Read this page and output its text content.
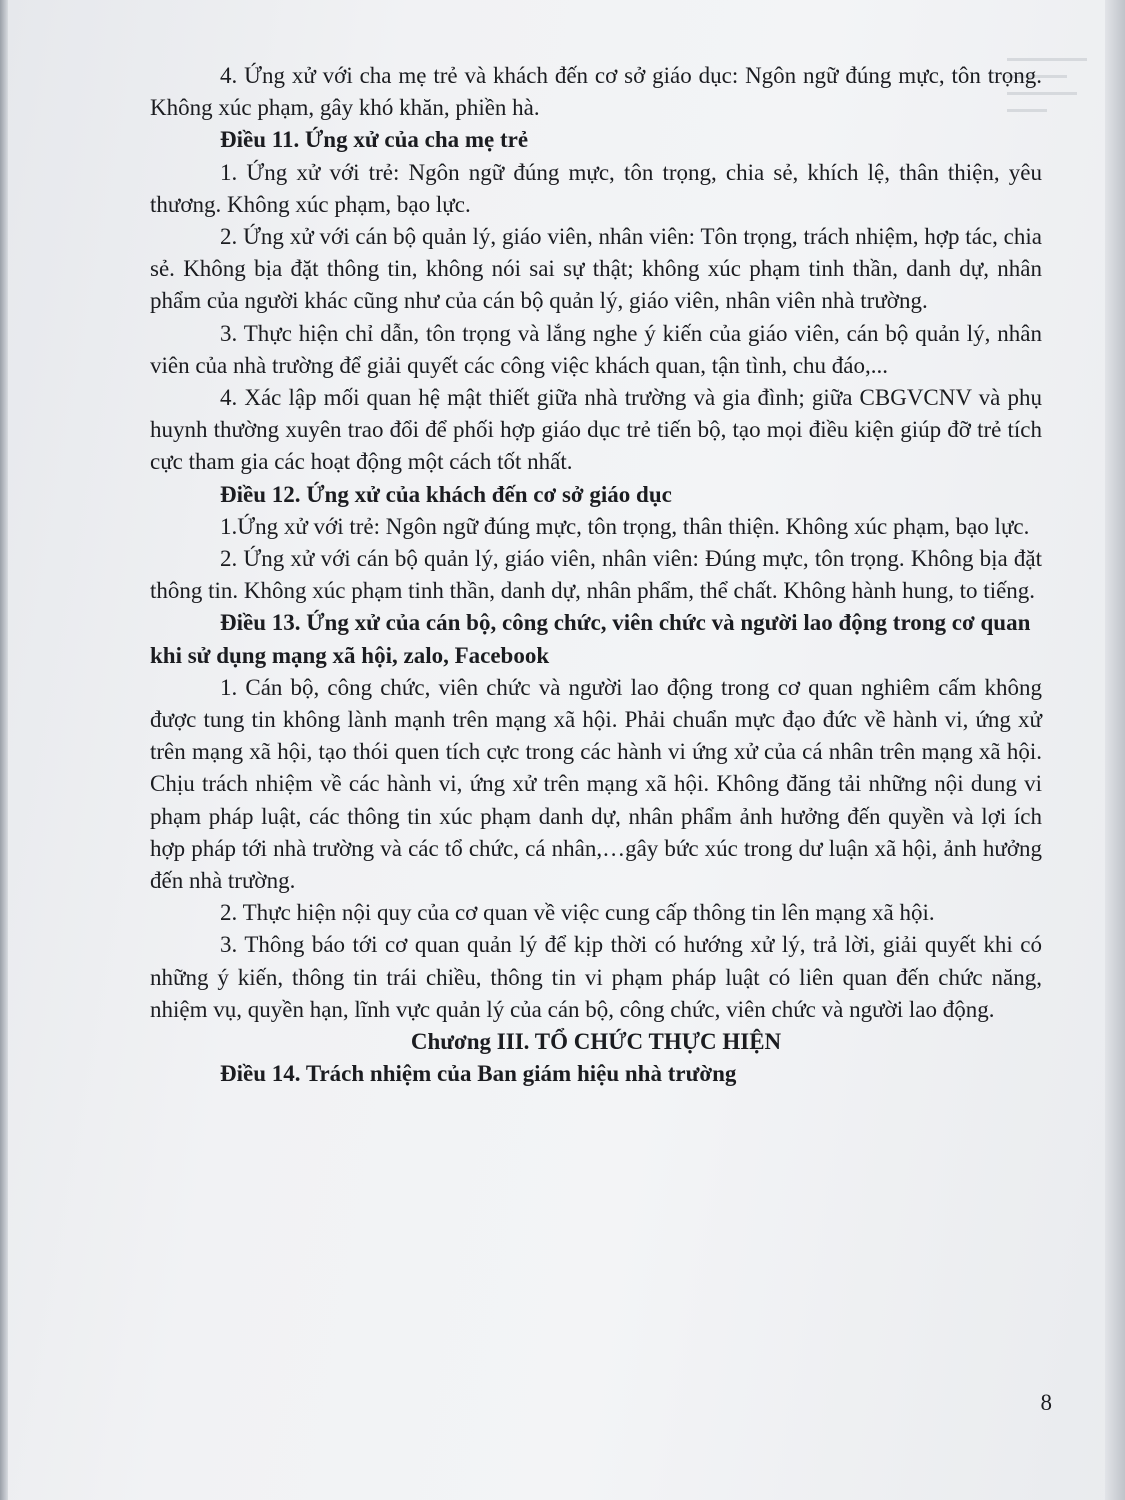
4. Ứng xử với cha mẹ trẻ và khách đến cơ sở giáo dục: Ngôn ngữ đúng mực, tôn trọng. Không xúc phạm, gây khó khăn, phiền hà.

Điều 11. Ứng xử của cha mẹ trẻ

1. Ứng xử với trẻ: Ngôn ngữ đúng mực, tôn trọng, chia sẻ, khích lệ, thân thiện, yêu thương. Không xúc phạm, bạo lực.

2. Ứng xử với cán bộ quản lý, giáo viên, nhân viên: Tôn trọng, trách nhiệm, hợp tác, chia sẻ. Không bịa đặt thông tin, không nói sai sự thật; không xúc phạm tinh thần, danh dự, nhân phẩm của người khác cũng như của cán bộ quản lý, giáo viên, nhân viên nhà trường.

3. Thực hiện chỉ dẫn, tôn trọng và lắng nghe ý kiến của giáo viên, cán bộ quản lý, nhân viên của nhà trường để giải quyết các công việc khách quan, tận tình, chu đáo,...

4. Xác lập mối quan hệ mật thiết giữa nhà trường và gia đình; giữa CBGVCNV và phụ huynh thường xuyên trao đổi để phối hợp giáo dục trẻ tiến bộ, tạo mọi điều kiện giúp đỡ trẻ tích cực tham gia các hoạt động một cách tốt nhất.

Điều 12. Ứng xử của khách đến cơ sở giáo dục

1.Ứng xử với trẻ: Ngôn ngữ đúng mực, tôn trọng, thân thiện. Không xúc phạm, bạo lực.

2. Ứng xử với cán bộ quản lý, giáo viên, nhân viên: Đúng mực, tôn trọng. Không bịa đặt thông tin. Không xúc phạm tinh thần, danh dự, nhân phẩm, thể chất. Không hành hung, to tiếng.

Điều 13. Ứng xử của cán bộ, công chức, viên chức và người lao động trong cơ quan khi sử dụng mạng xã hội, zalo, Facebook

1. Cán bộ, công chức, viên chức và người lao động trong cơ quan nghiêm cấm không được tung tin không lành mạnh trên mạng xã hội. Phải chuẩn mực đạo đức về hành vi, ứng xử trên mạng xã hội, tạo thói quen tích cực trong các hành vi ứng xử của cá nhân trên mạng xã hội. Chịu trách nhiệm về các hành vi, ứng xử trên mạng xã hội. Không đăng tải những nội dung vi phạm pháp luật, các thông tin xúc phạm danh dự, nhân phẩm ảnh hưởng đến quyền và lợi ích hợp pháp tới nhà trường và các tổ chức, cá nhân,…gây bức xúc trong dư luận xã hội, ảnh hưởng đến nhà trường.

2. Thực hiện nội quy của cơ quan về việc cung cấp thông tin lên mạng xã hội.

3. Thông báo tới cơ quan quản lý để kịp thời có hướng xử lý, trả lời, giải quyết khi có những ý kiến, thông tin trái chiều, thông tin vi phạm pháp luật có liên quan đến chức năng, nhiệm vụ, quyền hạn, lĩnh vực quản lý của cán bộ, công chức, viên chức và người lao động.

Chương III. TỔ CHỨC THỰC HIỆN

Điều 14. Trách nhiệm của Ban giám hiệu nhà trường

8
